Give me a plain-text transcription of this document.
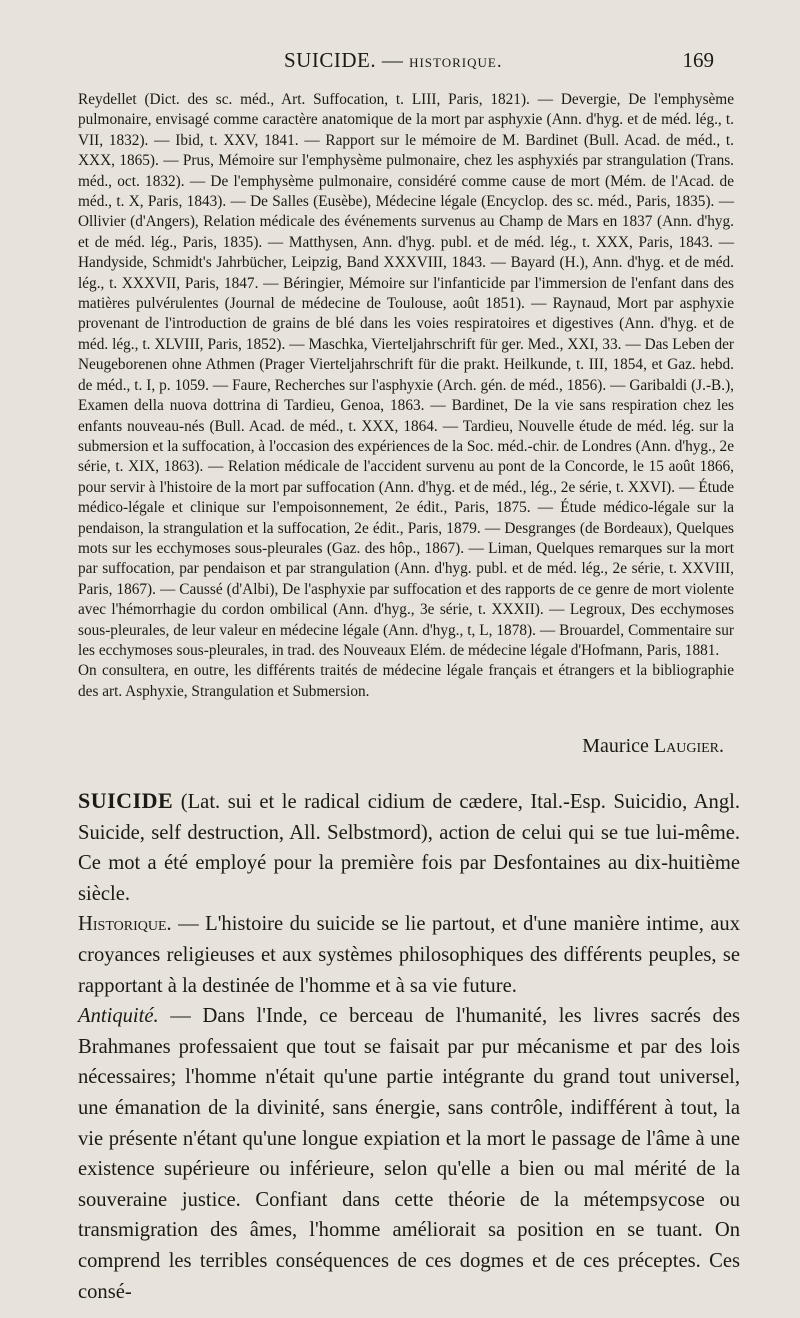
SUICIDE. — historique.	169

Reydellet (Dict. des sc. méd., Art. Suffocation, t. LIII, Paris, 1821). — Devergie, De l'emphysème pulmonaire, envisagé comme caractère anatomique de la mort par asphyxie (Ann. d'hyg. et de méd. lég., t. VII, 1832). — Ibid, t. XXV, 1841. — Rapport sur le mémoire de M. Bardinet (Bull. Acad. de méd., t. XXX, 1865). — Prus, Mémoire sur l'emphysème pulmonaire, chez les asphyxiés par strangulation (Trans. méd., oct. 1832). — De l'emphysème pulmonaire, considéré comme cause de mort (Mém. de l'Acad. de méd., t. X, Paris, 1843). — De Salles (Eusèbe), Médecine légale (Encyclop. des sc. méd., Paris, 1835). — Ollivier (d'Angers), Relation médicale des événements survenus au Champ de Mars en 1837 (Ann. d'hyg. et de méd. lég., Paris, 1835). — Matthysen, Ann. d'hyg. publ. et de méd. lég., t. XXX, Paris, 1843. — Handyside, Schmidt's Jahrbücher, Leipzig, Band XXXVIII, 1843. — Bayard (H.), Ann. d'hyg. et de méd. lég., t. XXXVII, Paris, 1847. — Béringier, Mémoire sur l'infanticide par l'immersion de l'enfant dans des matières pulvérulentes (Journal de médecine de Toulouse, août 1851). — Raynaud, Mort par asphyxie provenant de l'introduction de grains de blé dans les voies respiratoires et digestives (Ann. d'hyg. et de méd. lég., t. XLVIII, Paris, 1852). — Maschka, Vierteljahrschrift für ger. Med., XXI, 33. — Das Leben der Neugeborenen ohne Athmen (Prager Vierteljahrschrift für die prakt. Heilkunde, t. III, 1854, et Gaz. hebd. de méd., t. I, p. 1059. — Faure, Recherches sur l'asphyxie (Arch. gén. de méd., 1856). — Garibaldi (J.-B.), Examen della nuova dottrina di Tardieu, Genoa, 1863. — Bardinet, De la vie sans respiration chez les enfants nouveau-nés (Bull. Acad. de méd., t. XXX, 1864. — Tardieu, Nouvelle étude de méd. lég. sur la submersion et la suffocation, à l'occasion des expériences de la Soc. méd.-chir. de Londres (Ann. d'hyg., 2e série, t. XIX, 1863). — Relation médicale de l'accident survenu au pont de la Concorde, le 15 août 1866, pour servir à l'histoire de la mort par suffocation (Ann. d'hyg. et de méd., lég., 2e série, t. XXVI). — Étude médico-légale et clinique sur l'empoisonnement, 2e édit., Paris, 1875. — Étude médico-légale sur la pendaison, la strangulation et la suffocation, 2e édit., Paris, 1879. — Desgranges (de Bordeaux), Quelques mots sur les ecchymoses sous-pleurales (Gaz. des hôp., 1867). — Liman, Quelques remarques sur la mort par suffocation, par pendaison et par strangulation (Ann. d'hyg. publ. et de méd. lég., 2e série, t. XXVIII, Paris, 1867). — Caussé (d'Albi), De l'asphyxie par suffocation et des rapports de ce genre de mort violente avec l'hémorrhagie du cordon ombilical (Ann. d'hyg., 3e série, t. XXXII). — Legroux, Des ecchymoses sous-pleurales, de leur valeur en médecine légale (Ann. d'hyg., t, L, 1878). — Brouardel, Commentaire sur les ecchymoses sous-pleurales, in trad. des Nouveaux Elém. de médecine légale d'Hofmann, Paris, 1881.

On consultera, en outre, les différents traités de médecine légale français et étrangers et la bibliographie des art. Asphyxie, Strangulation et Submersion.

Maurice Laugier.

SUICIDE (Lat. sui et le radical cidium de cædere, Ital.-Esp. Suicidio, Angl. Suicide, self destruction, All. Selbstmord), action de celui qui se tue lui-même. Ce mot a été employé pour la première fois par Desfontaines au dix-huitième siècle.

Historique. — L'histoire du suicide se lie partout, et d'une manière intime, aux croyances religieuses et aux systèmes philosophiques des différents peuples, se rapportant à la destinée de l'homme et à sa vie future.

Antiquité. — Dans l'Inde, ce berceau de l'humanité, les livres sacrés des Brahmanes professaient que tout se faisait par pur mécanisme et par des lois nécessaires; l'homme n'était qu'une partie intégrante du grand tout universel, une émanation de la divinité, sans énergie, sans contrôle, indifférent à tout, la vie présente n'étant qu'une longue expiation et la mort le passage de l'âme à une existence supérieure ou inférieure, selon qu'elle a bien ou mal mérité de la souveraine justice. Confiant dans cette théorie de la métempsycose ou transmigration des âmes, l'homme améliorait sa position en se tuant. On comprend les terribles conséquences de ces dogmes et de ces préceptes. Ces consé-
